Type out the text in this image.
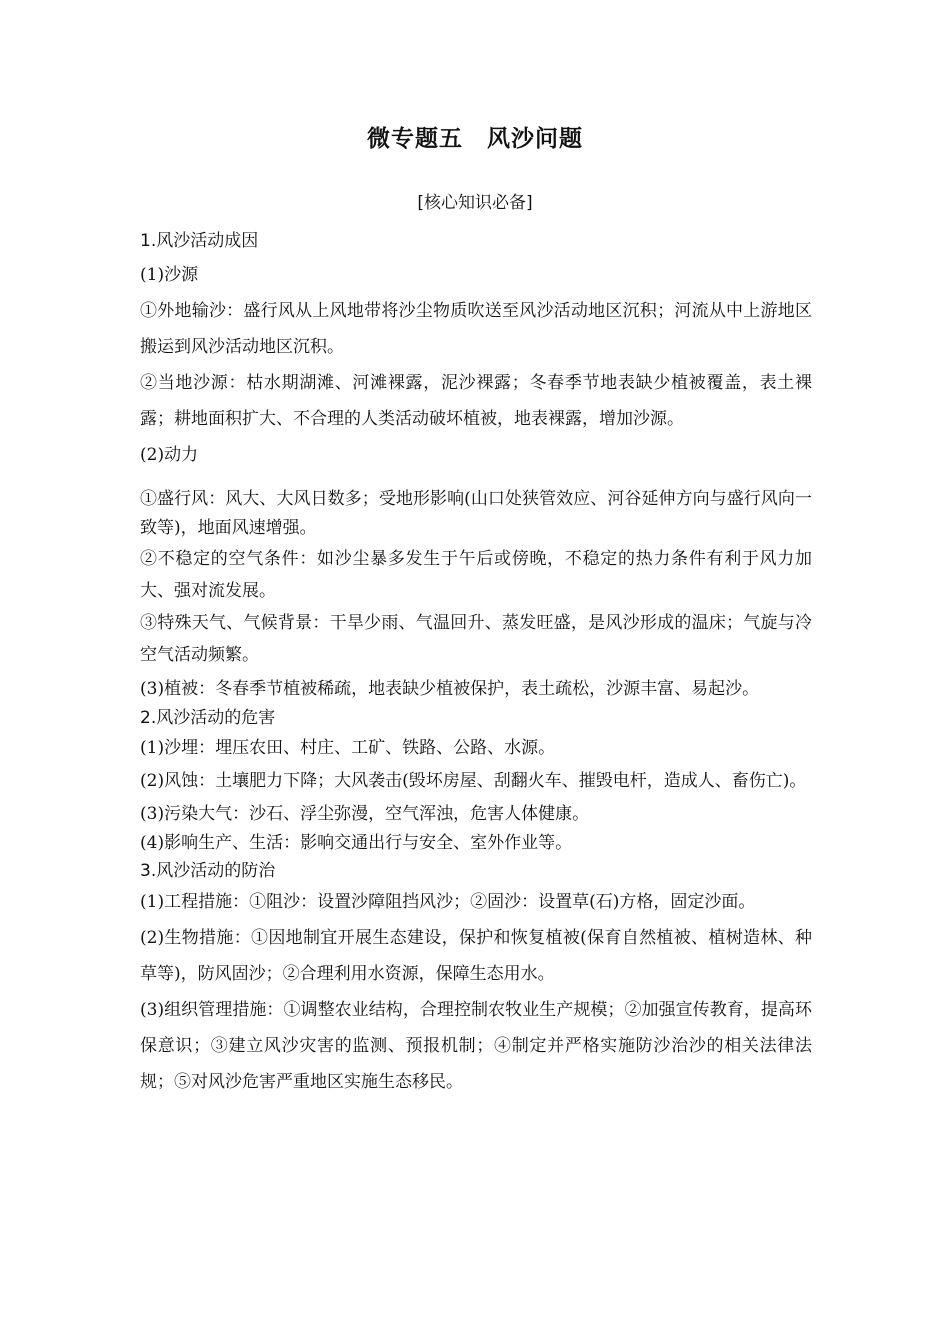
微专题五　风沙问题
[核心知识必备]
1.风沙活动成因

(1)沙源

①外地输沙：盛行风从上风地带将沙尘物质吹送至风沙活动地区沉积；河流从中上游地区搬运到风沙活动地区沉积。

②当地沙源：枯水期湖滩、河滩裸露，泥沙裸露；冬春季节地表缺少植被覆盖，表土裸露；耕地面积扩大、不合理的人类活动破坏植被，地表裸露，增加沙源。

(2)动力

①盛行风：风大、大风日数多；受地形影响(山口处狭管效应、河谷延伸方向与盛行风向一致等)，地面风速增强。

②不稳定的空气条件：如沙尘暴多发生于午后或傍晚，不稳定的热力条件有利于风力加大、强对流发展。

③特殊天气、气候背景：干旱少雨、气温回升、蒸发旺盛，是风沙形成的温床；气旋与冷空气活动频繁。

(3)植被：冬春季节植被稀疏，地表缺少植被保护，表土疏松，沙源丰富、易起沙。

2.风沙活动的危害

(1)沙埋：埋压农田、村庄、工矿、铁路、公路、水源。

(2)风蚀：土壤肥力下降；大风袭击(毁坏房屋、刮翻火车、摧毁电杆，造成人、畜伤亡)。

(3)污染大气：沙石、浮尘弥漫，空气浑浊，危害人体健康。

(4)影响生产、生活：影响交通出行与安全、室外作业等。

3.风沙活动的防治

(1)工程措施：①阻沙：设置沙障阻挡风沙；②固沙：设置草(石)方格，固定沙面。

(2)生物措施：①因地制宜开展生态建设，保护和恢复植被(保育自然植被、植树造林、种草等)，防风固沙；②合理利用水资源，保障生态用水。

(3)组织管理措施：①调整农业结构，合理控制农牧业生产规模；②加强宣传教育，提高环保意识；③建立风沙灾害的监测、预报机制；④制定并严格实施防沙治沙的相关法律法规；⑤对风沙危害严重地区实施生态移民。
